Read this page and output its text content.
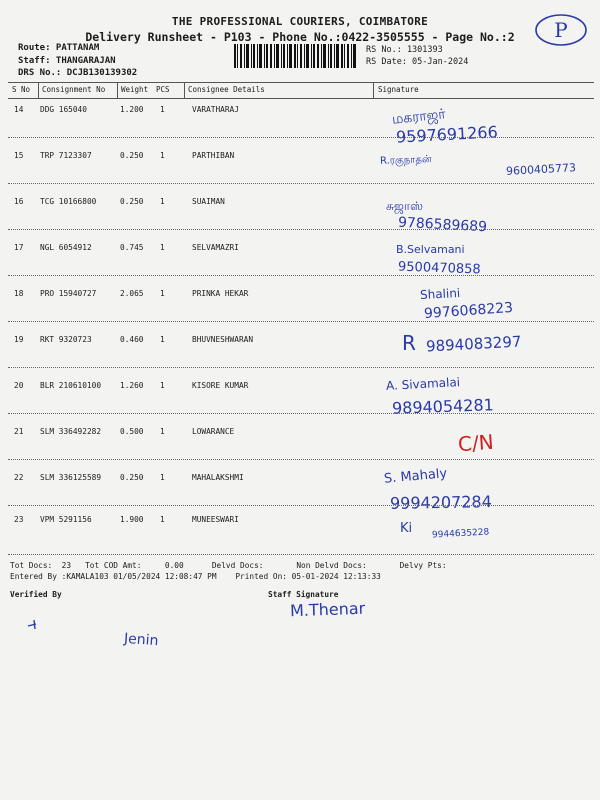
THE PROFESSIONAL COURIERS, COIMBATORE
Delivery Runsheet - P103 - Phone No.:0422-3505555 - Page No.:2
Route: PATTANAM
Staff: THANGARAJAN
DRS No.: DCJB130139302
RS No.: 1301393
RS Date: 05-Jan-2024
P
S No Consignment No Weight PCS Consignee Details	Signature
14 DDG 165040	1.200 1	VARATHARAJ	மகராஜர்
9597691266
15 TRP 7123307	0.250 1	PARTHIBAN	R.ரகுநாதன்
9600405773
16 TCG 10166800	0.250 1	SUAIMAN	சுஜாஸ்
9786589689
17 NGL 6054912	0.745 1	SELVAMAZRI	B.Selvamani
9500470858
18 PRO 15940727	2.065 1	PRINKA HEKAR	Shalini
9976068223
19 RKT 9320723	0.460 1	BHUVNESHWARAN	R 9894083297
20 BLR 210610100 1.260 1	KISORE KUMAR	A. Sivamalai
9894054281
21 SLM 336492282 0.500 1	LOWARANCE	C/N
22 SLM 336125589 0.250 1	MAHALAKSHMI	S. Mahaly
9994207284
23 VPM 5291156	1.900 1	MUNEESWARI
Ki 9944635228
Tot Docs:  23   Tot COD Amt:     0.00      Delvd Docs:       Non Delvd Docs:       Delvy Pts:
Entered By :KAMALA103 01/05/2024 12:08:47 PM    Printed On: 05-01-2024 12:13:33
Verified By	Staff Signature
Jenin
M.Thenar
